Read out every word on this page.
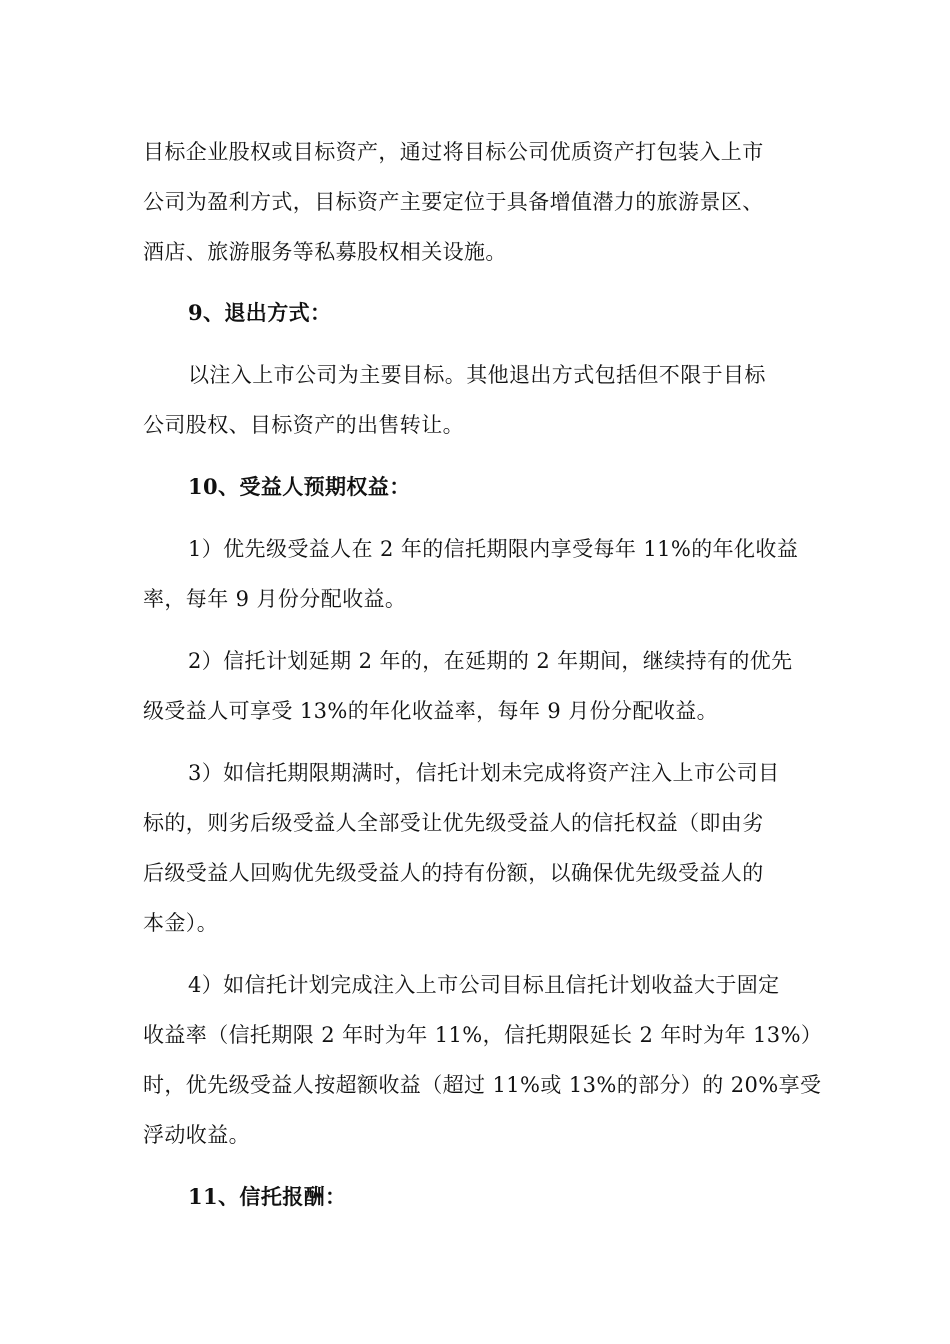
目标企业股权或目标资产，通过将目标公司优质资产打包装入上市

公司为盈利方式，目标资产主要定位于具备增值潜力的旅游景区、

酒店、旅游服务等私募股权相关设施。

9、退出方式：

以注入上市公司为主要目标。其他退出方式包括但不限于目标

公司股权、目标资产的出售转让。

10、受益人预期权益：

1）优先级受益人在 2 年的信托期限内享受每年 11%的年化收益

率，每年 9 月份分配收益。

2）信托计划延期 2 年的，在延期的 2 年期间，继续持有的优先

级受益人可享受 13%的年化收益率，每年 9 月份分配收益。

3）如信托期限期满时，信托计划未完成将资产注入上市公司目

标的，则劣后级受益人全部受让优先级受益人的信托权益（即由劣

后级受益人回购优先级受益人的持有份额，以确保优先级受益人的

本金）。

4）如信托计划完成注入上市公司目标且信托计划收益大于固定

收益率（信托期限 2 年时为年 11%，信托期限延长 2 年时为年 13%）

时，优先级受益人按超额收益（超过 11%或 13%的部分）的 20%享受

浮动收益。

11、信托报酬：
